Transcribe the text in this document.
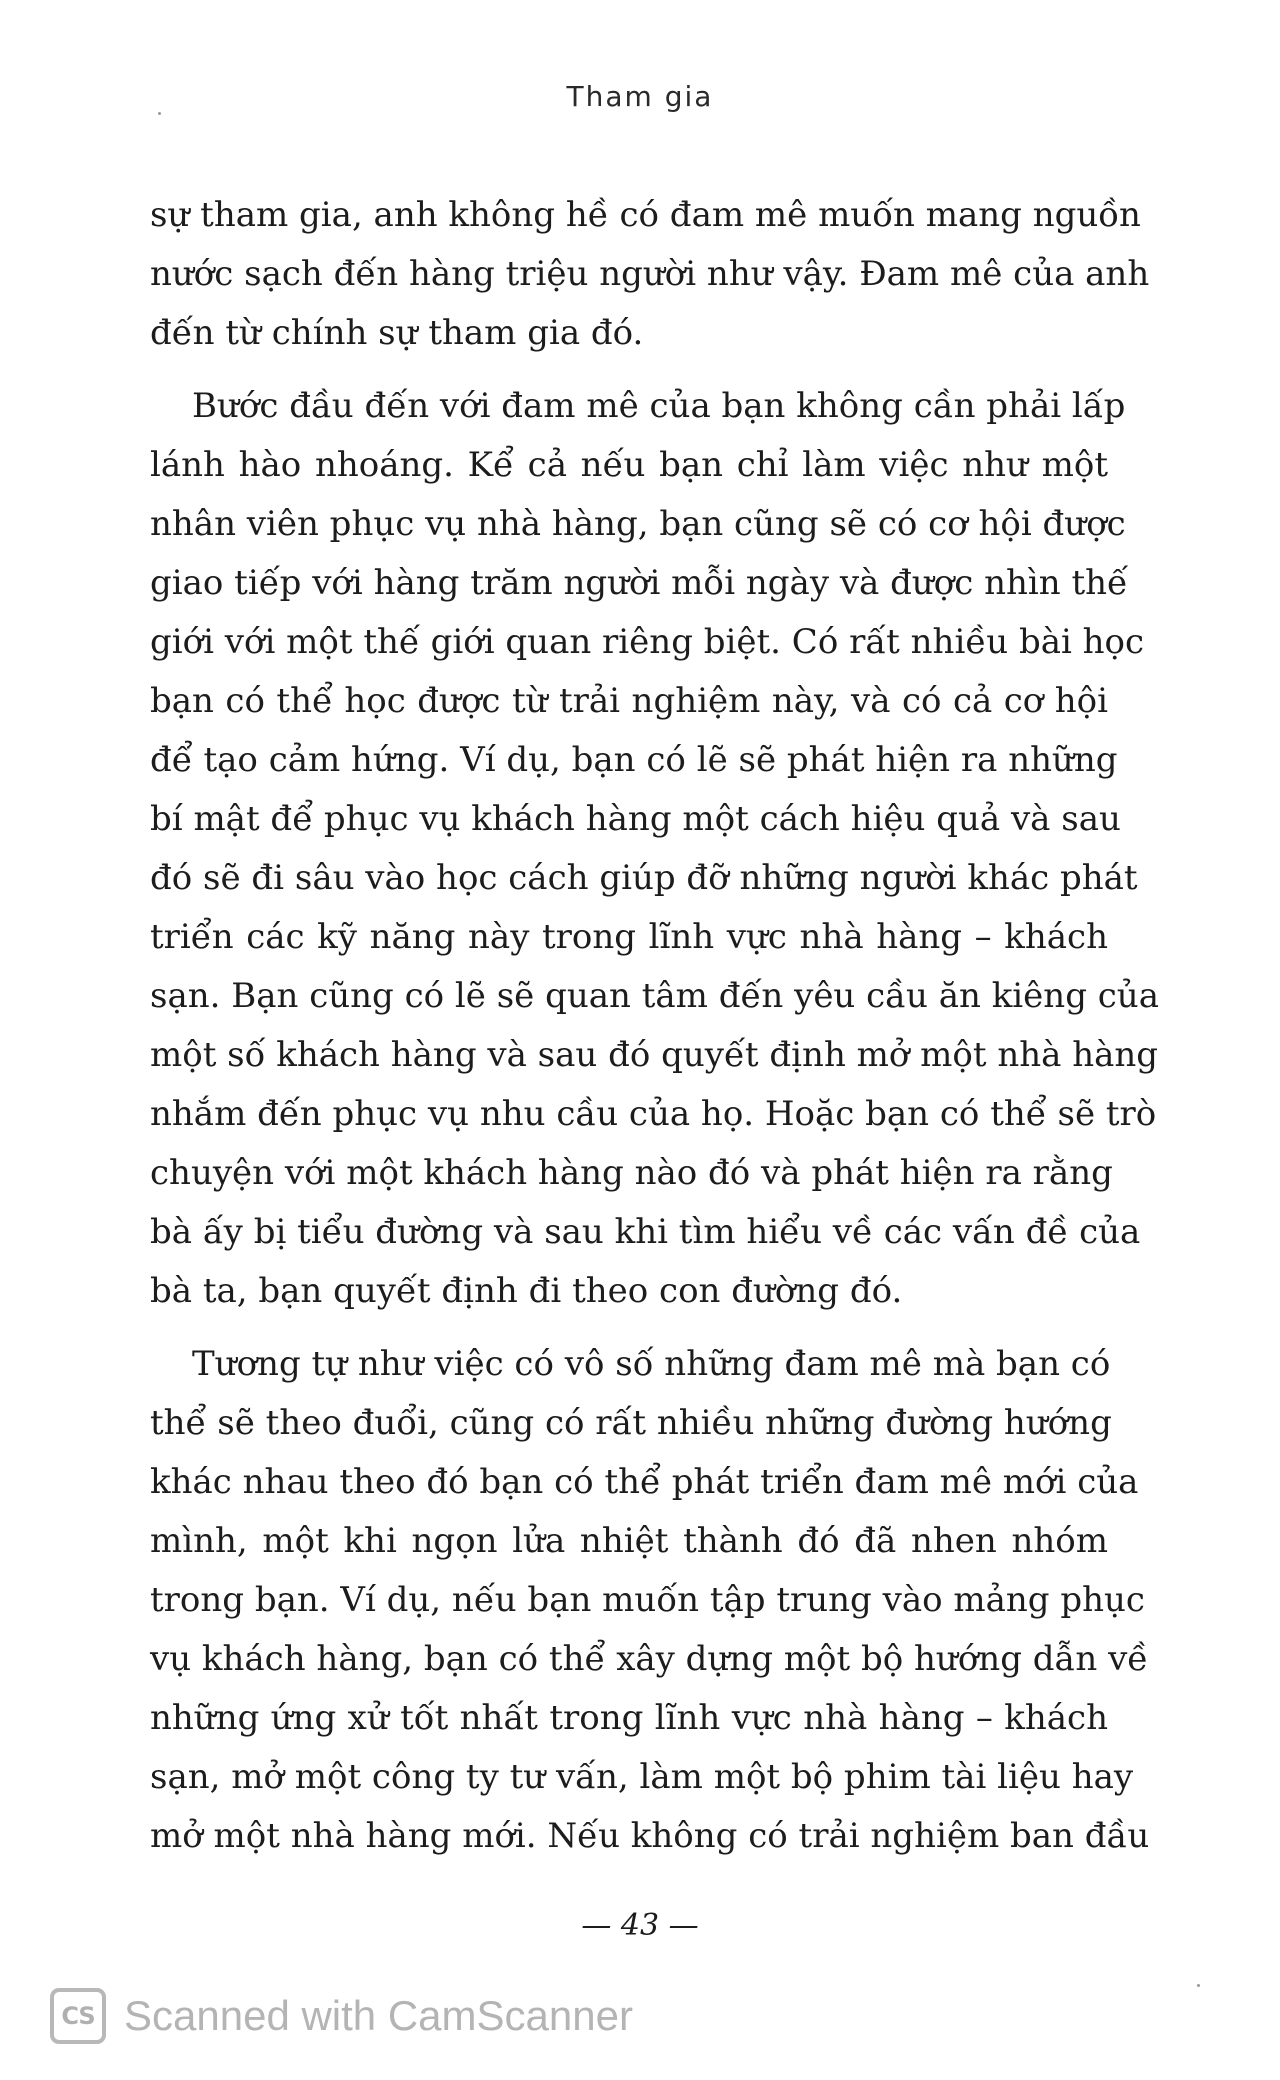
Tham gia
sự tham gia, anh không hề có đam mê muốn mang nguồn
nước sạch đến hàng triệu người như vậy. Đam mê của anh
đến từ chính sự tham gia đó.
Bước đầu đến với đam mê của bạn không cần phải lấp
lánh hào nhoáng. Kể cả nếu bạn chỉ làm việc như một
nhân viên phục vụ nhà hàng, bạn cũng sẽ có cơ hội được
giao tiếp với hàng trăm người mỗi ngày và được nhìn thế
giới với một thế giới quan riêng biệt. Có rất nhiều bài học
bạn có thể học được từ trải nghiệm này, và có cả cơ hội
để tạo cảm hứng. Ví dụ, bạn có lẽ sẽ phát hiện ra những
bí mật để phục vụ khách hàng một cách hiệu quả và sau
đó sẽ đi sâu vào học cách giúp đỡ những người khác phát
triển các kỹ năng này trong lĩnh vực nhà hàng – khách
sạn. Bạn cũng có lẽ sẽ quan tâm đến yêu cầu ăn kiêng của
một số khách hàng và sau đó quyết định mở một nhà hàng
nhắm đến phục vụ nhu cầu của họ. Hoặc bạn có thể sẽ trò
chuyện với một khách hàng nào đó và phát hiện ra rằng
bà ấy bị tiểu đường và sau khi tìm hiểu về các vấn đề của
bà ta, bạn quyết định đi theo con đường đó.
Tương tự như việc có vô số những đam mê mà bạn có
thể sẽ theo đuổi, cũng có rất nhiều những đường hướng
khác nhau theo đó bạn có thể phát triển đam mê mới của
mình, một khi ngọn lửa nhiệt thành đó đã nhen nhóm
trong bạn. Ví dụ, nếu bạn muốn tập trung vào mảng phục
vụ khách hàng, bạn có thể xây dựng một bộ hướng dẫn về
những ứng xử tốt nhất trong lĩnh vực nhà hàng – khách
sạn, mở một công ty tư vấn, làm một bộ phim tài liệu hay
mở một nhà hàng mới. Nếu không có trải nghiệm ban đầu
— 43 —
CS Scanned with CamScanner
